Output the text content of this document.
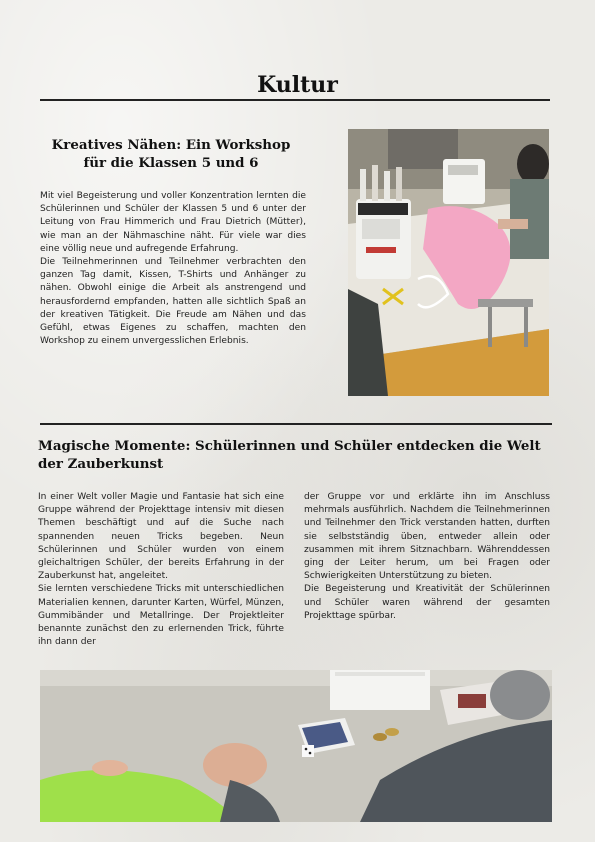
Kultur
Kreatives Nähen: Ein Workshop für die Klassen 5 und 6

Mit viel Begeisterung und voller Konzentration lernten die Schülerinnen und Schüler der Klassen 5 und 6 unter der Leitung von Frau Himmerich und Frau Dietrich (Mütter), wie man an der Nähmaschine näht. Für viele war dies eine völlig neue und aufregende Erfahrung.

Die Teilnehmerinnen und Teilnehmer verbrachten den ganzen Tag damit, Kissen, T-Shirts und Anhänger zu nähen. Obwohl einige die Arbeit als anstrengend und herausfordernd empfanden, hatten alle sichtlich Spaß an der kreativen Tätigkeit. Die Freude am Nähen und das Gefühl, etwas Eigenes zu schaffen, machten den Workshop zu einem unvergesslichen Erlebnis.

Magische Momente: Schülerinnen und Schüler entdecken die Welt der Zauberkunst

In einer Welt voller Magie und Fantasie hat sich eine Gruppe während der Projekttage intensiv mit diesen Themen beschäftigt und auf die Suche nach spannenden neuen Tricks begeben. Neun Schülerinnen und Schüler wurden von einem gleichaltrigen Schüler, der bereits Erfahrung in der Zauberkunst hat, angeleitet.

Sie lernten verschiedene Tricks mit unterschiedlichen Materialien kennen, darunter Karten, Würfel, Münzen, Gummibänder und Metallringe. Der Projektleiter benannte zunächst den zu erlernenden Trick, führte ihn dann der

der Gruppe vor und erklärte ihn im Anschluss mehrmals ausführlich. Nachdem die Teilnehmerinnen und Teilnehmer den Trick verstanden hatten, durften sie selbstständig üben, entweder allein oder zusammen mit ihrem Sitznachbarn. Währenddessen ging der Leiter herum, um bei Fragen oder Schwierigkeiten Unterstützung zu bieten.

Die Begeisterung und Kreativität der Schülerinnen und Schüler waren während der gesamten Projekttage spürbar.
